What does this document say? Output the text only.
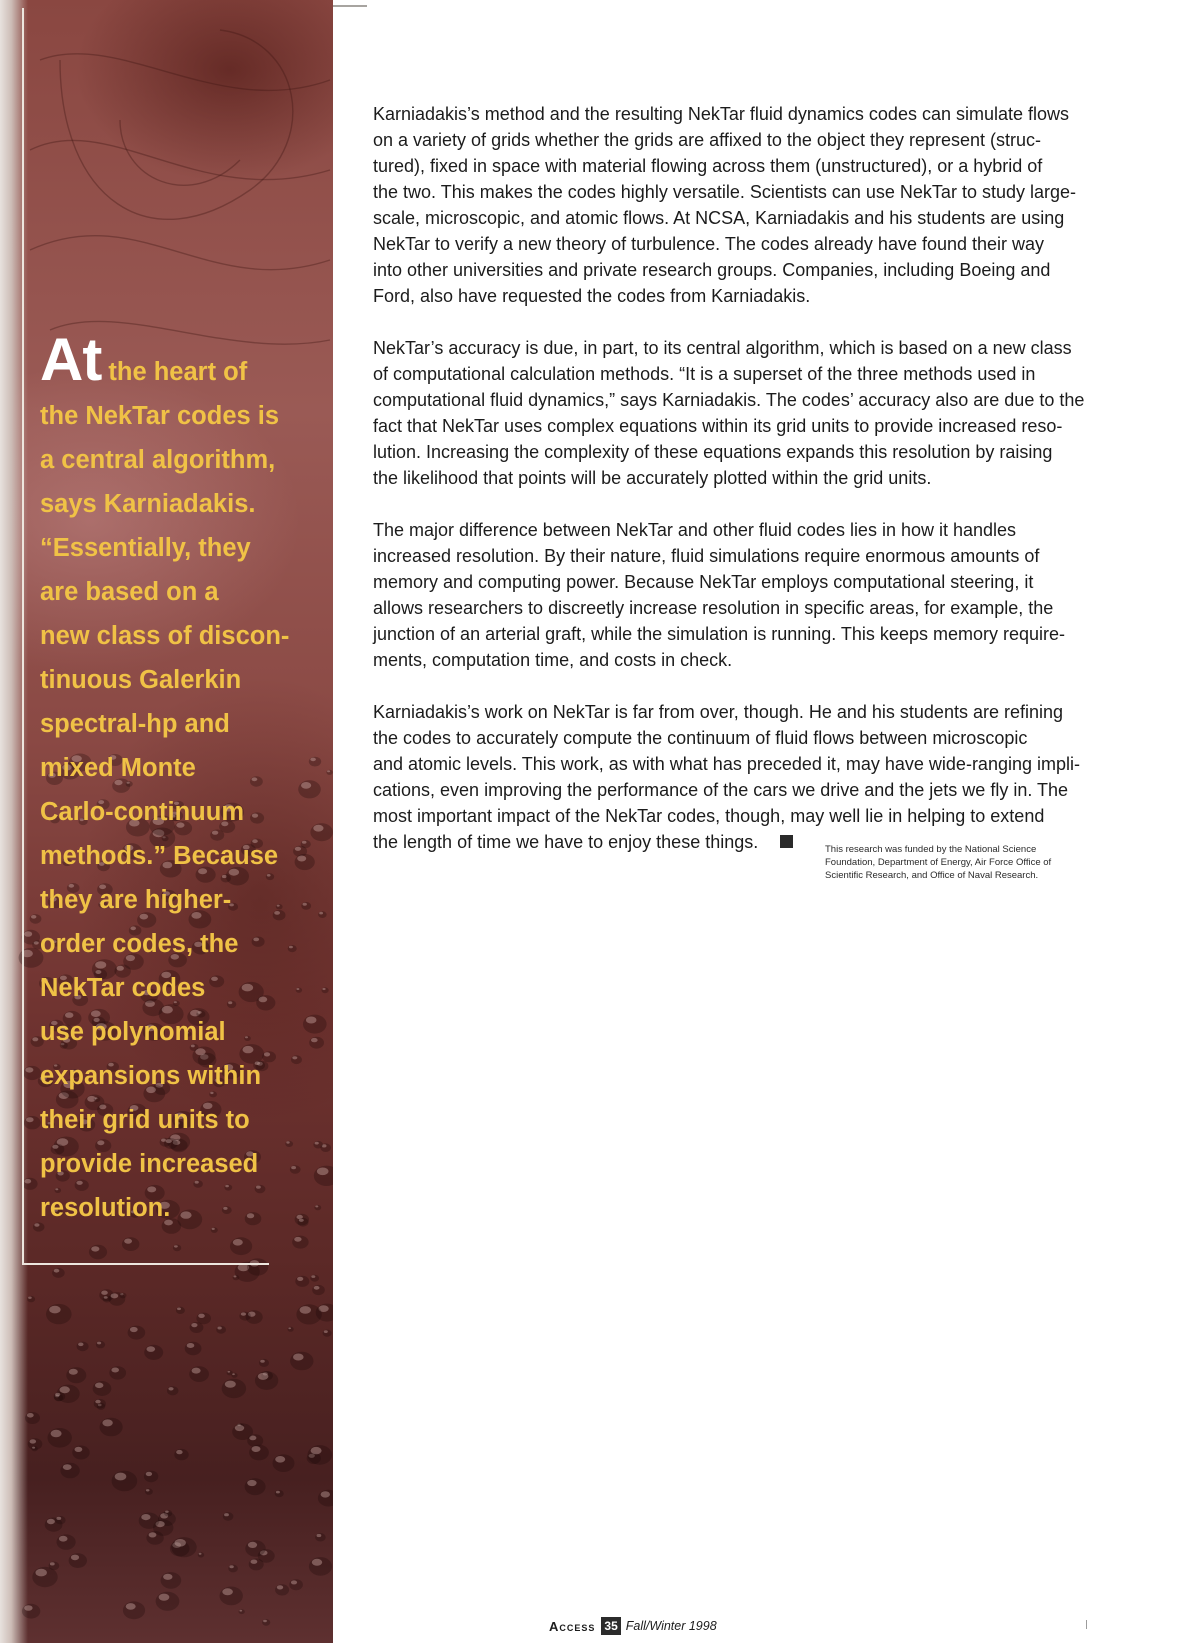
At the heart of
the NekTar codes is
a central algorithm,
says Karniadakis.
“Essentially, they
are based on a
new class of discon-
tinuous Galerkin
spectral-hp and
mixed Monte
Carlo-continuum
methods.” Because
they are higher-
order codes, the
NekTar codes
use polynomial
expansions within
their grid units to
provide increased
resolution.

Karniadakis’s method and the resulting NekTar fluid dynamics codes can simulate flows
on a variety of grids whether the grids are affixed to the object they represent (struc-
tured), fixed in space with material flowing across them (unstructured), or a hybrid of
the two. This makes the codes highly versatile. Scientists can use NekTar to study large-
scale, microscopic, and atomic flows. At NCSA, Karniadakis and his students are using
NekTar to verify a new theory of turbulence. The codes already have found their way
into other universities and private research groups. Companies, including Boeing and
Ford, also have requested the codes from Karniadakis.

NekTar’s accuracy is due, in part, to its central algorithm, which is based on a new class
of computational calculation methods. “It is a superset of the three methods used in
computational fluid dynamics,” says Karniadakis. The codes’ accuracy also are due to the
fact that NekTar uses complex equations within its grid units to provide increased reso-
lution. Increasing the complexity of these equations expands this resolution by raising
the likelihood that points will be accurately plotted within the grid units.

The major difference between NekTar and other fluid codes lies in how it handles
increased resolution. By their nature, fluid simulations require enormous amounts of
memory and computing power. Because NekTar employs computational steering, it
allows researchers to discreetly increase resolution in specific areas, for example, the
junction of an arterial graft, while the simulation is running. This keeps memory require-
ments, computation time, and costs in check.

Karniadakis’s work on NekTar is far from over, though. He and his students are refining
the codes to accurately compute the continuum of fluid flows between microscopic
and atomic levels. This work, as with what has preceded it, may have wide-ranging impli-
cations, even improving the performance of the cars we drive and the jets we fly in. The
most important impact of the NekTar codes, though, may well lie in helping to extend
the length of time we have to enjoy these things.	This research was funded by the National Science
Foundation, Department of Energy, Air Force Office of
Scientific Research, and Office of Naval Research.
Access 35 Fall/Winter 1998
